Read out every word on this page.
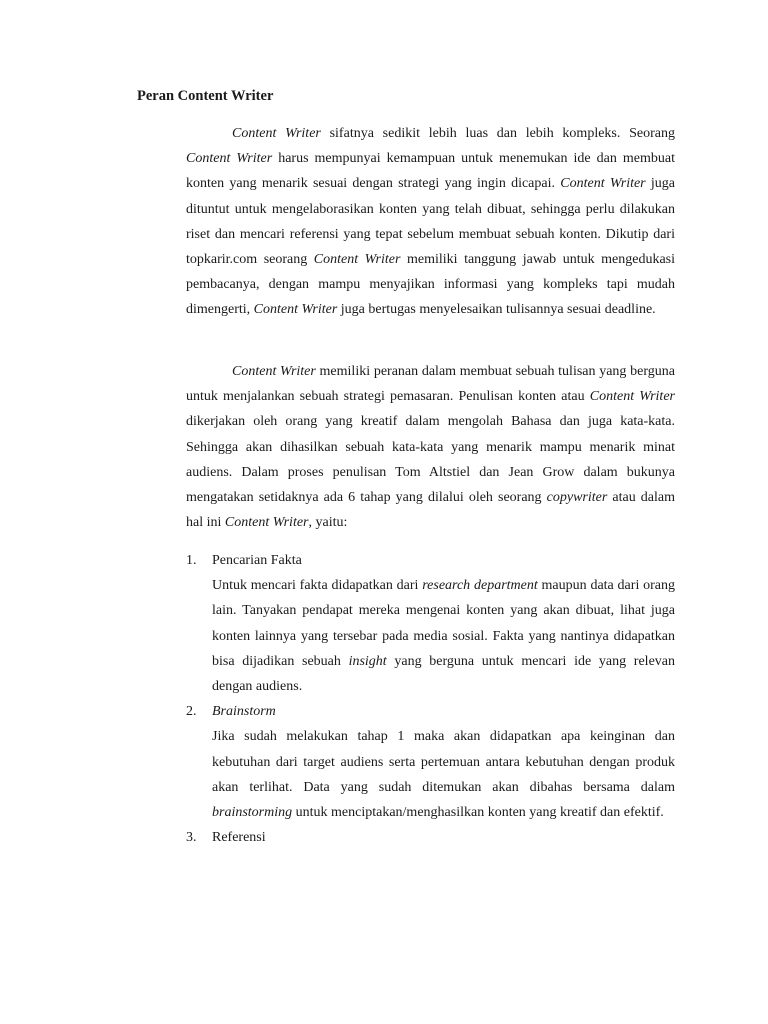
Peran Content Writer

Content Writer sifatnya sedikit lebih luas dan lebih kompleks. Seorang Content Writer harus mempunyai kemampuan untuk menemukan ide dan membuat konten yang menarik sesuai dengan strategi yang ingin dicapai. Content Writer juga dituntut untuk mengelaborasikan konten yang telah dibuat, sehingga perlu dilakukan riset dan mencari referensi yang tepat sebelum membuat sebuah konten. Dikutip dari topkarir.com seorang Content Writer memiliki tanggung jawab untuk mengedukasi pembacanya, dengan mampu menyajikan informasi yang kompleks tapi mudah dimengerti, Content Writer juga bertugas menyelesaikan tulisannya sesuai deadline.

Content Writer memiliki peranan dalam membuat sebuah tulisan yang berguna untuk menjalankan sebuah strategi pemasaran. Penulisan konten atau Content Writer dikerjakan oleh orang yang kreatif dalam mengolah Bahasa dan juga kata-kata. Sehingga akan dihasilkan sebuah kata-kata yang menarik mampu menarik minat audiens. Dalam proses penulisan Tom Altstiel dan Jean Grow dalam bukunya mengatakan setidaknya ada 6 tahap yang dilalui oleh seorang copywriter atau dalam hal ini Content Writer, yaitu:

1.	Pencarian Fakta
Untuk mencari fakta didapatkan dari research department maupun data dari orang lain. Tanyakan pendapat mereka mengenai konten yang akan dibuat, lihat juga konten lainnya yang tersebar pada media sosial. Fakta yang nantinya didapatkan bisa dijadikan sebuah insight yang berguna untuk mencari ide yang relevan dengan audiens.
2.	Brainstorm
Jika sudah melakukan tahap 1 maka akan didapatkan apa keinginan dan kebutuhan dari target audiens serta pertemuan antara kebutuhan dengan produk akan terlihat. Data yang sudah ditemukan akan dibahas bersama dalam brainstorming untuk menciptakan/menghasilkan konten yang kreatif dan efektif.
3.	Referensi
